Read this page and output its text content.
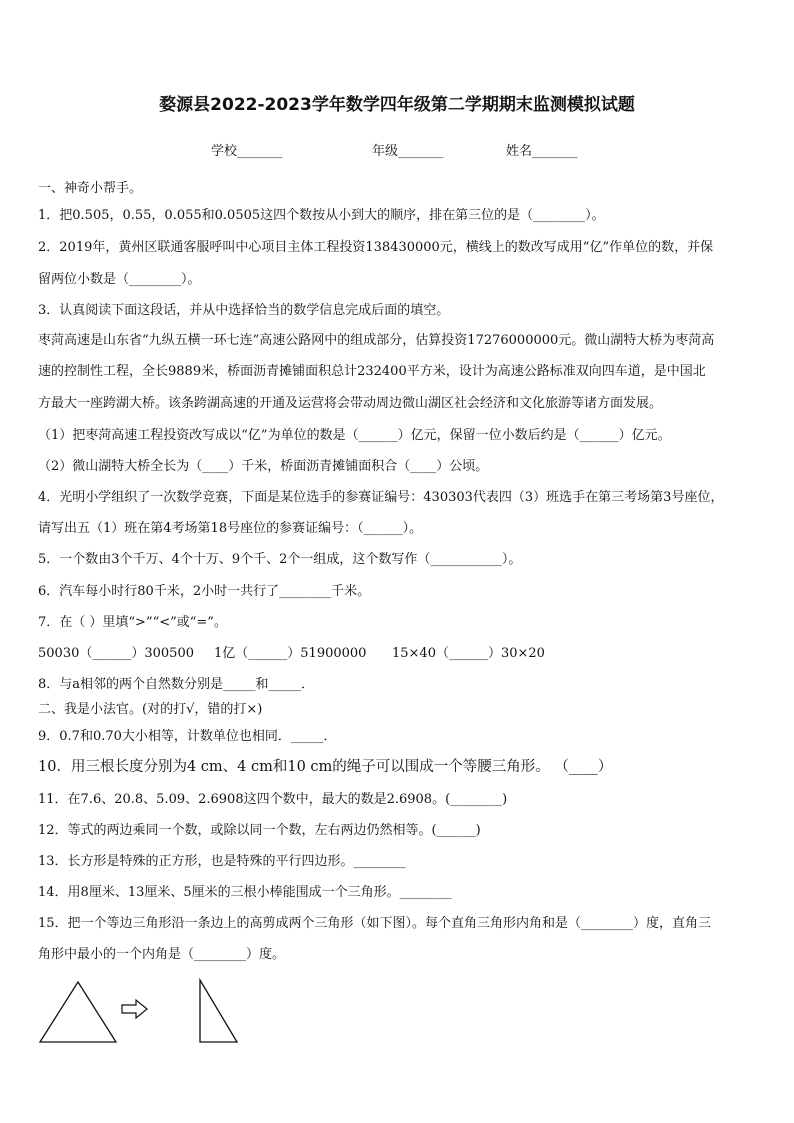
婺源县2022-2023学年数学四年级第二学期期末监测模拟试题
学校_______	年级_______	姓名_______
一、神奇小帮手。
1．把0.505，0.55，0.055和0.0505这四个数按从小到大的顺序，排在第三位的是（________）。
2．2019年，黄州区联通客服呼叫中心项目主体工程投资138430000元，横线上的数改写成用“亿”作单位的数，并保
留两位小数是（________）。
3．认真阅读下面这段话，并从中选择恰当的数学信息完成后面的填空。
枣菏高速是山东省“九纵五横一环七连”高速公路网中的组成部分，估算投资17276000000元。微山湖特大桥为枣菏高
速的控制性工程，全长9889米，桥面沥青摊铺面积总计232400平方米，设计为高速公路标准双向四车道，是中国北
方最大一座跨湖大桥。该条跨湖高速的开通及运营将会带动周边微山湖区社会经济和文化旅游等诸方面发展。
（1）把枣菏高速工程投资改写成以“亿”为单位的数是（______）亿元，保留一位小数后约是（______）亿元。
（2）微山湖特大桥全长为（____）千米，桥面沥青摊铺面积合（____）公顷。
4．光明小学组织了一次数学竞赛，下面是某位选手的参赛证编号：430303代表四（3）班选手在第三考场第3号座位，
请写出五（1）班在第4考场第18号座位的参赛证编号：（______）。
5．一个数由3个千万、4个十万、9个千、2个一组成，这个数写作（___________）。
6．汽车每小时行80千米，2小时一共行了________千米。
7．在（ ）里填“>”“<”或“=”。
50030（______）300500 1亿（______）51900000 15×40（______）30×20
8．与a相邻的两个自然数分别是_____和_____．
二、我是小法官。(对的打√，错的打×)
9．0.7和0.70大小相等，计数单位也相同．_____．
10．用三根长度分别为4 cm、4 cm和10 cm的绳子可以围成一个等腰三角形。 （____）
11．在7.6、20.8、5.09、2.6908这四个数中，最大的数是2.6908。(________)
12．等式的两边乘同一个数，或除以同一个数，左右两边仍然相等。(______)
13．长方形是特殊的正方形，也是特殊的平行四边形。________
14．用8厘米、13厘米、5厘米的三根小棒能围成一个三角形。________
15．把一个等边三角形沿一条边上的高剪成两个三角形（如下图）。每个直角三角形内角和是（________）度，直角三
角形中最小的一个内角是（________）度。
